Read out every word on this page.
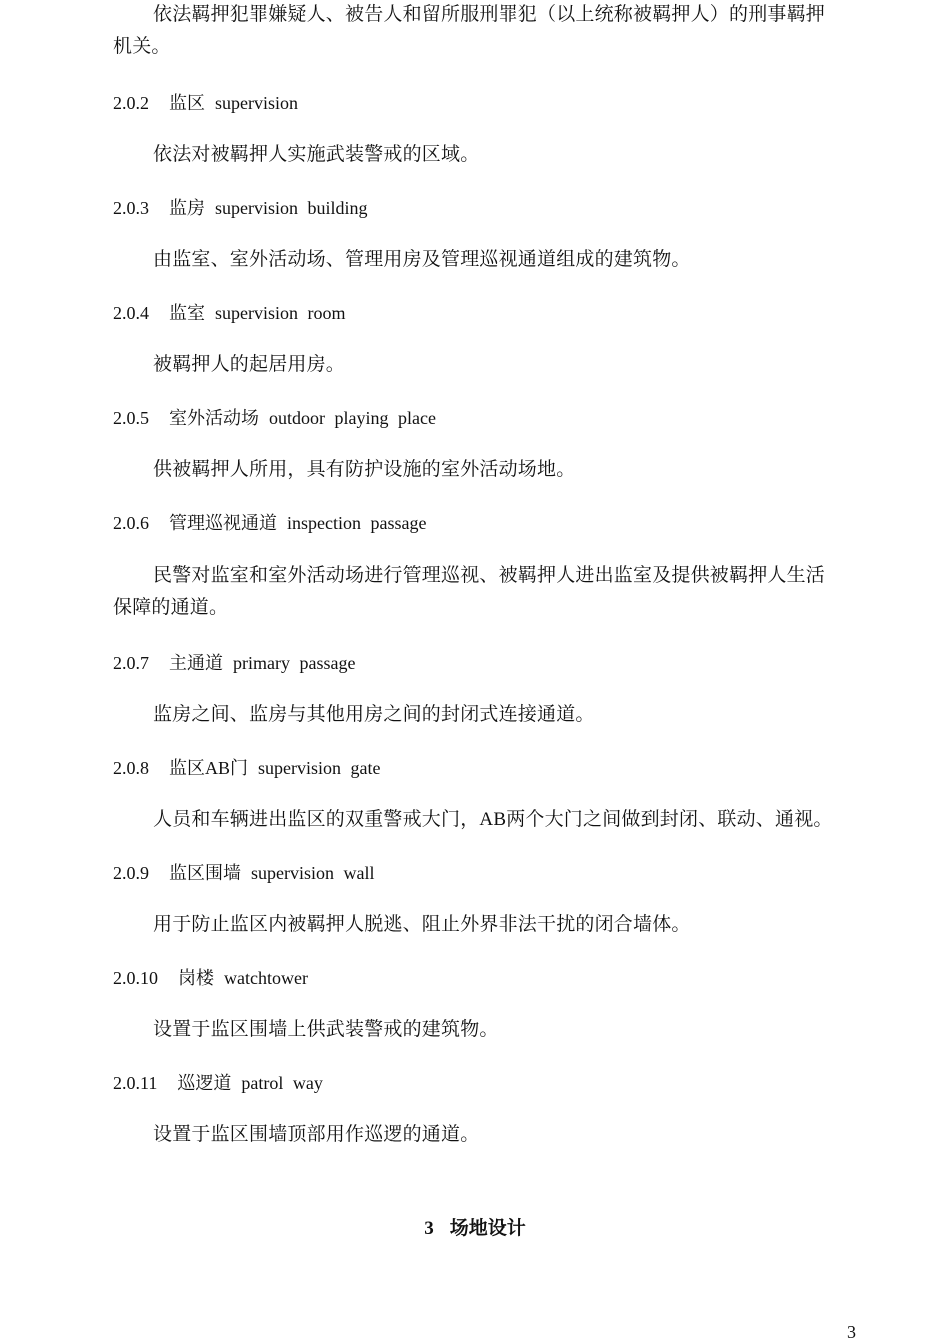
依法羁押犯罪嫌疑人、被告人和留所服刑罪犯（以上统称被羁押人）的刑事羁押机关。
2.0.2 监区 supervision
依法对被羁押人实施武装警戒的区域。
2.0.3 监房 supervision building
由监室、室外活动场、管理用房及管理巡视通道组成的建筑物。
2.0.4 监室 supervision room
被羁押人的起居用房。
2.0.5 室外活动场 outdoor playing place
供被羁押人所用，具有防护设施的室外活动场地。
2.0.6 管理巡视通道 inspection passage
民警对监室和室外活动场进行管理巡视、被羁押人进出监室及提供被羁押人生活保障的通道。
2.0.7 主通道 primary passage
监房之间、监房与其他用房之间的封闭式连接通道。
2.0.8 监区AB门 supervision gate
人员和车辆进出监区的双重警戒大门，AB两个大门之间做到封闭、联动、通视。
2.0.9 监区围墙 supervision wall
用于防止监区内被羁押人脱逃、阻止外界非法干扰的闭合墙体。
2.0.10 岗楼 watchtower
设置于监区围墙上供武装警戒的建筑物。
2.0.11 巡逻道 patrol way
设置于监区围墙顶部用作巡逻的通道。
3 场地设计
3
